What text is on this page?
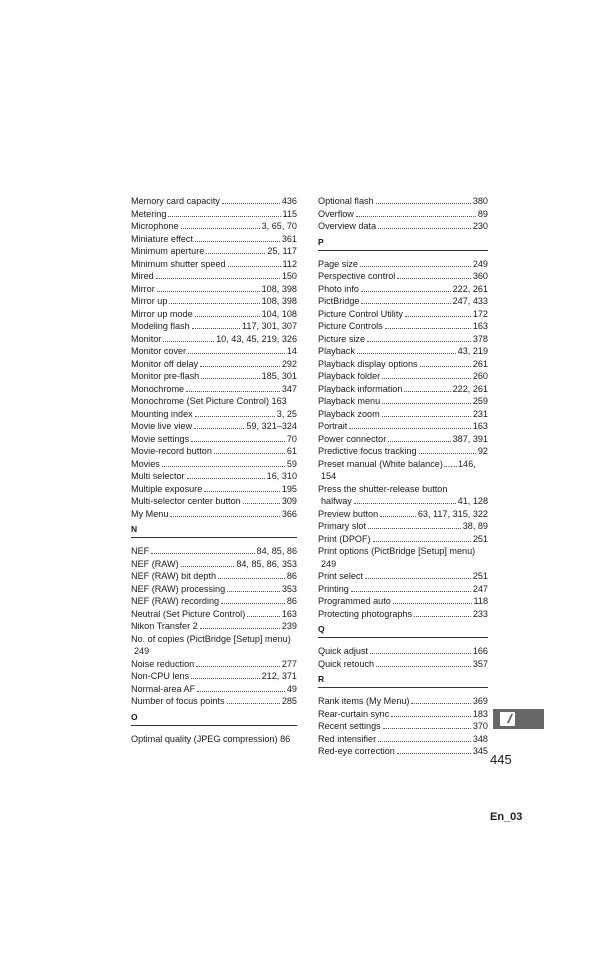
Memory card capacity	436
Metering	115
Microphone	3, 65, 70
Miniature effect	361
Minimum aperture	25, 117
Minimum shutter speed	112
Mired	150
Mirror	108, 398
Mirror up	108, 398
Mirror up mode	104, 108
Modeling flash	117, 301, 307
Monitor	10, 43, 45, 219, 326
Monitor cover	14
Monitor off delay	292
Monitor pre-flash	185, 301
Monochrome	347
Monochrome (Set Picture Control)
163
Mounting index	3, 25
Movie live view	59, 321–324
Movie settings	70
Movie-record button	61
Movies	59
Multi selector	16, 310
Multiple exposure	195
Multi-selector center button	309
My Menu	366
N
NEF	84, 85, 86
NEF (RAW)	84, 85, 86, 353
NEF (RAW) bit depth	86
NEF (RAW) processing	353
NEF (RAW) recording	86
Neutral (Set Picture Control)	163
Nikon Transfer 2	239
No. of copies (PictBridge [Setup] menu)
249
Noise reduction	277
Non-CPU lens	212, 371
Normal-area AF	49
Number of focus points	285
O
Optimal quality (JPEG compression)
86
Optional flash	380
Overflow	89
Overview data	230
P
Page size	249
Perspective control	360
Photo info	222, 261
PictBridge	247, 433
Picture Control Utility	172
Picture Controls	163
Picture size	378
Playback	43, 219
Playback display options	261
Playback folder	260
Playback information	222, 261
Playback menu	259
Playback zoom	231
Portrait	163
Power connector	387, 391
Predictive focus tracking	92
Preset manual (White balance)......146,
154
Press the shutter-release button
halfway	41, 128
Preview button	63, 117, 315, 322
Primary slot	38, 89
Print (DPOF)	251
Print options (PictBridge [Setup] menu)
249
Print select	251
Printing	247
Programmed auto	118
Protecting photographs	233
Q
Quick adjust	166
Quick retouch	357
R
Rank items (My Menu)	369
Rear-curtain sync	183
Recent settings	370
Red intensifier	348
Red-eye correction	345
445
En_03
